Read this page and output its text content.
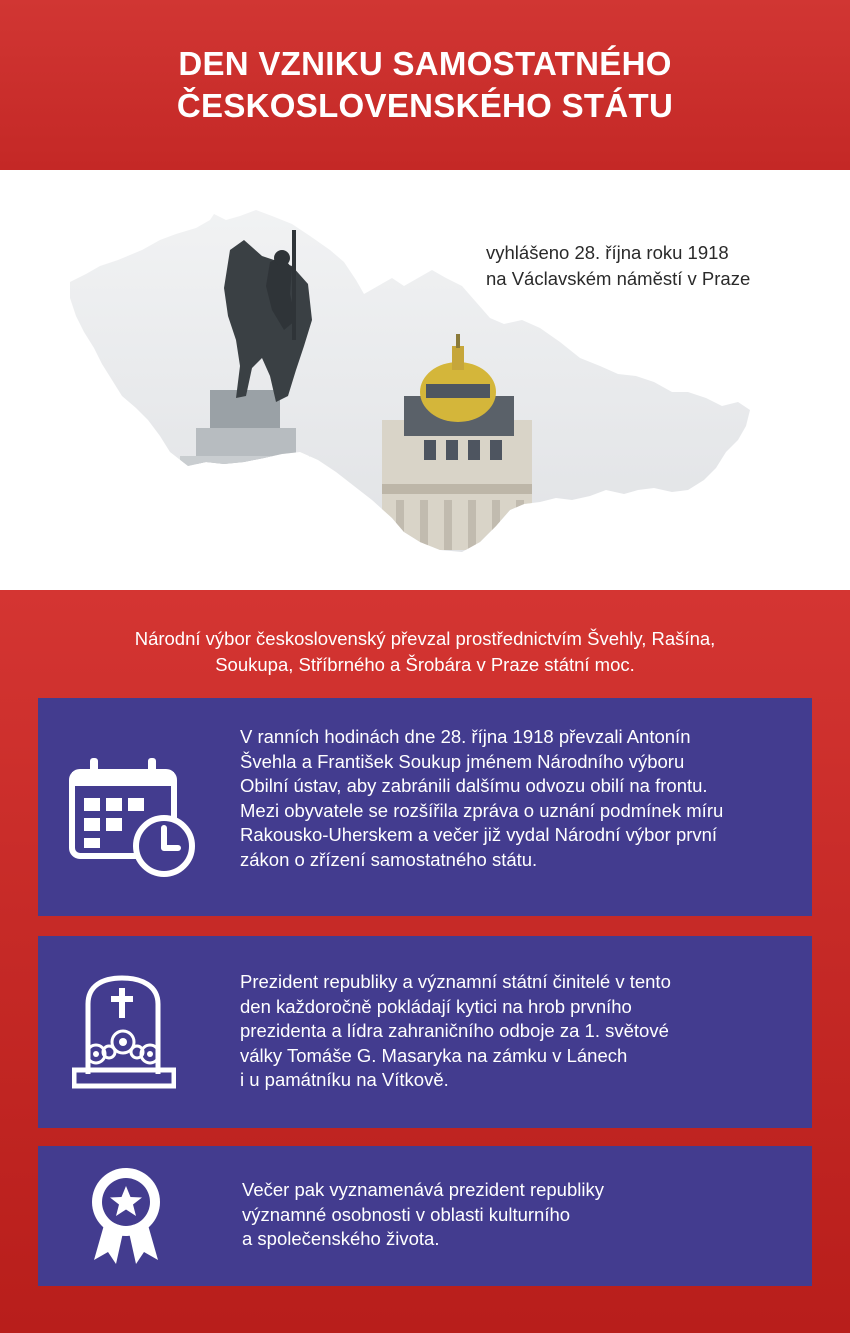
DEN VZNIKU SAMOSTATNÉHO
ČESKOSLOVENSKÉHO STÁTU
vyhlášeno 28. října roku 1918
na Václavském náměstí v Praze
Národní výbor československý převzal prostřednictvím Švehly, Rašína,
Soukupa, Stříbrného a Šrobára v Praze státní moc.
V ranních hodinách dne 28. října 1918 převzali Antonín
Švehla a František Soukup jménem Národního výboru
Obilní ústav, aby zabránili dalšímu odvozu obilí na frontu.
Mezi obyvatele se rozšířila zpráva o uznání podmínek míru
Rakousko-Uherskem a večer již vydal Národní výbor první
zákon o zřízení samostatného státu.
Prezident republiky a významní státní činitelé v tento
den každoročně pokládají kytici na hrob prvního
prezidenta a lídra zahraničního odboje za 1. světové
války Tomáše G. Masaryka na zámku v Lánech
i u památníku na Vítkově.
Večer pak vyznamenává prezident republiky
významné osobnosti v oblasti kulturního
a společenského života.
